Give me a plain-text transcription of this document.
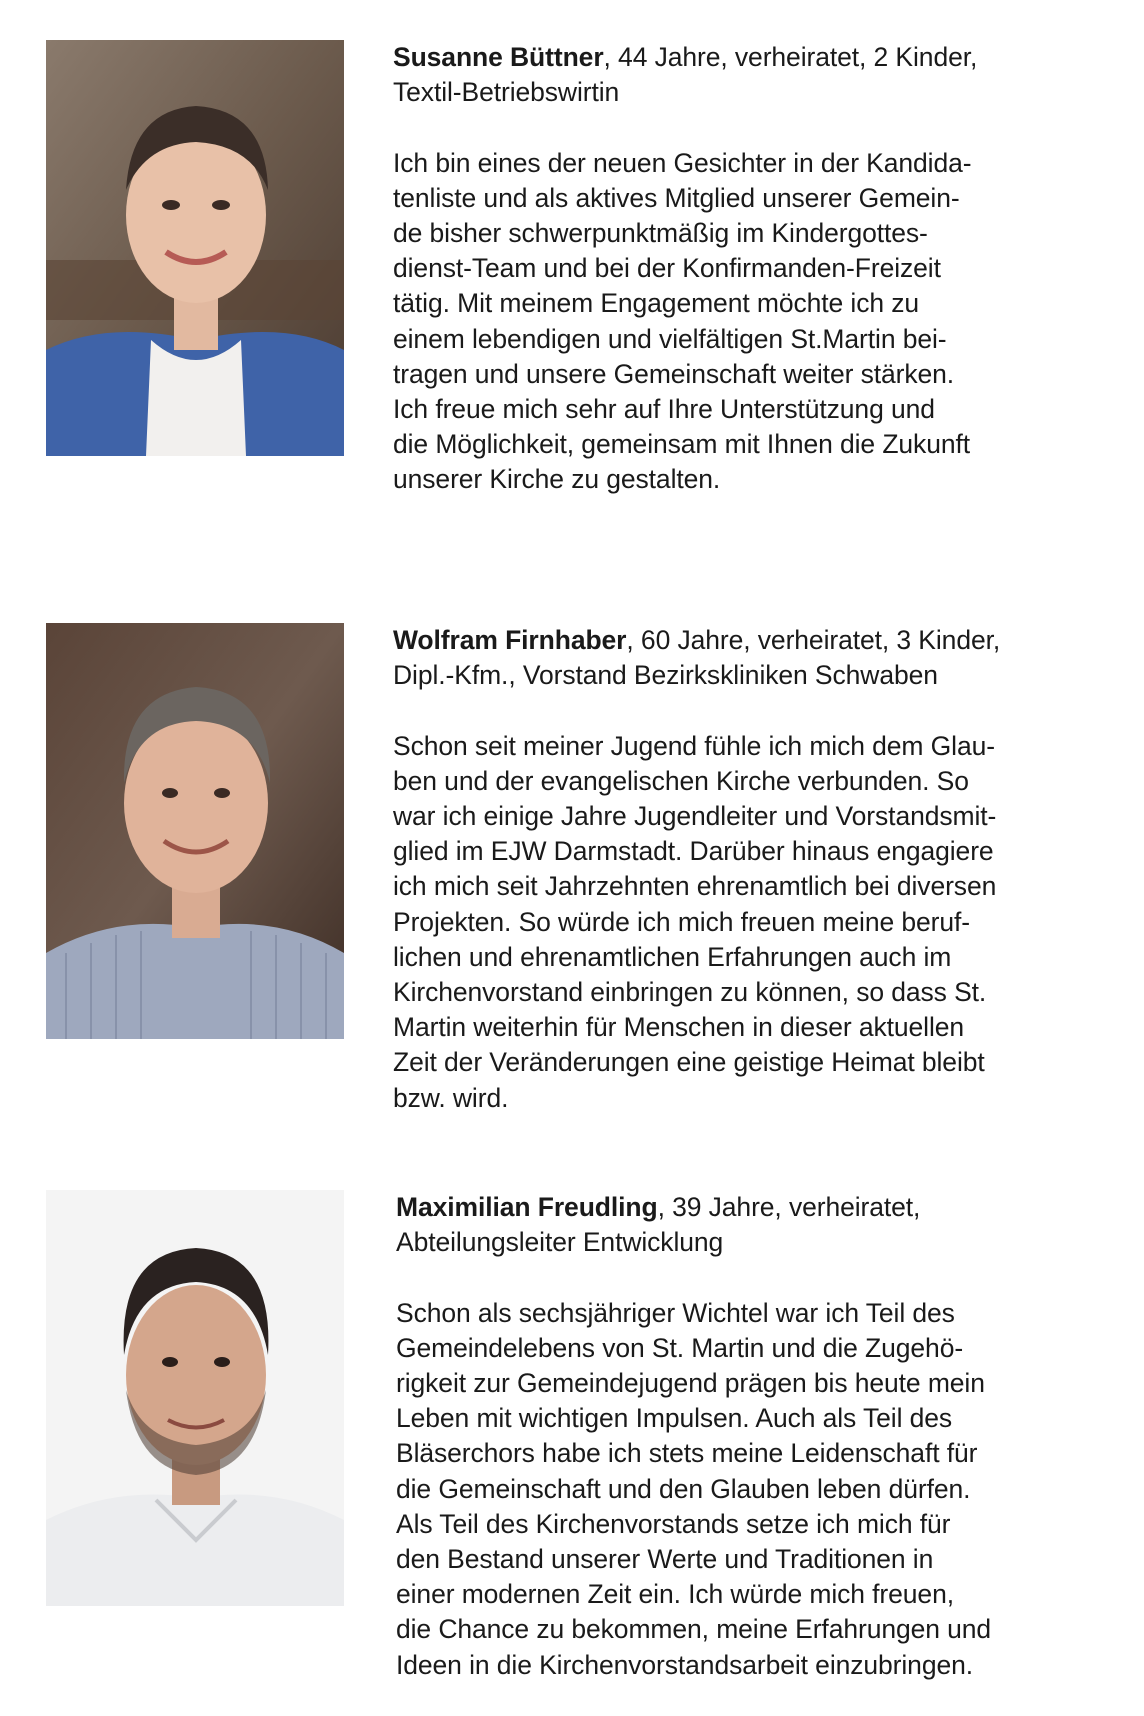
Susanne Büttner, 44 Jahre, verheiratet, 2 Kinder,
Textil-Betriebswirtin

Ich bin eines der neuen Gesichter in der Kandida-
tenliste und als aktives Mitglied unserer Gemein-
de bisher schwerpunktmäßig im Kindergottes-
dienst-Team und bei der Konfirmanden-Freizeit
tätig. Mit meinem Engagement möchte ich zu
einem lebendigen und vielfältigen St.Martin bei-
tragen und unsere Gemeinschaft weiter stärken.
Ich freue mich sehr auf Ihre Unterstützung und
die Möglichkeit, gemeinsam mit Ihnen die Zukunft
unserer Kirche zu gestalten.

Wolfram Firnhaber, 60 Jahre, verheiratet, 3 Kinder,
Dipl.-Kfm., Vorstand Bezirkskliniken Schwaben

Schon seit meiner Jugend fühle ich mich dem Glau-
ben und der evangelischen Kirche verbunden. So
war ich einige Jahre Jugendleiter und Vorstandsmit-
glied im EJW Darmstadt. Darüber hinaus engagiere
ich mich seit Jahrzehnten ehrenamtlich bei diversen
Projekten. So würde ich mich freuen meine beruf-
lichen und ehrenamtlichen Erfahrungen auch im
Kirchenvorstand einbringen zu können, so dass St.
Martin weiterhin für Menschen in dieser aktuellen
Zeit der Veränderungen eine geistige Heimat bleibt
bzw. wird.

Maximilian Freudling, 39 Jahre, verheiratet,
Abteilungsleiter Entwicklung

Schon als sechsjähriger Wichtel war ich Teil des
Gemeindelebens von St. Martin und die Zugehö-
rigkeit zur Gemeindejugend prägen bis heute mein
Leben mit wichtigen Impulsen. Auch als Teil des
Bläserchors habe ich stets meine Leidenschaft für
die Gemeinschaft und den Glauben leben dürfen.
Als Teil des Kirchenvorstands setze ich mich für
den Bestand unserer Werte und Traditionen in
einer modernen Zeit ein. Ich würde mich freuen,
die Chance zu bekommen, meine Erfahrungen und
Ideen in die Kirchenvorstandsarbeit einzubringen.
